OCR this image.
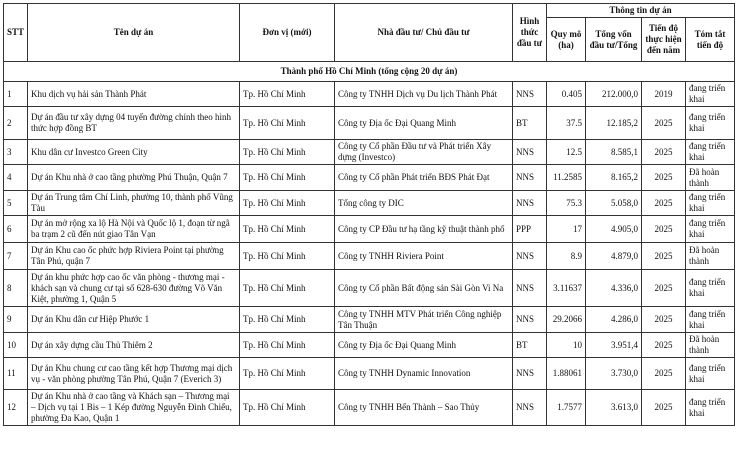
STT	Tên dự án	Đơn vị (mới)	Nhà đầu tư/ Chủ đầu tư	Hình thức đầu tư	Thông tin dự án			
					Quy mô (ha)	Tổng vốn đầu tư/Tổng	Tiến độ thực hiện đến năm	Tóm tắt tiến độ
Thành phố Hồ Chí Minh (tổng cộng 20 dự án)								
1	Khu dịch vụ hải sản Thành Phát	Tp. Hồ Chí Minh	Công ty TNHH Dịch vụ Du lịch Thành Phát	NNS	0.405	212.000,0	2019	đang triển khai
2	Dự án đầu tư xây dựng 04 tuyến đường chính theo hình thức hợp đồng BT	Tp. Hồ Chí Minh	Công ty Địa ốc Đại Quang Minh	BT	37.5	12.185,2	2025	đang triển khai
3	Khu dân cư Investco Green City	Tp. Hồ Chí Minh	Công ty Cổ phần Đầu tư và Phát triển Xây dựng (Investco)	NNS	12.5	8.585,1	2025	đang triển khai
4	Dự án Khu nhà ở cao tầng phường Phú Thuận, Quận 7	Tp. Hồ Chí Minh	Công ty Cổ phần Phát triển BĐS Phát Đạt	NNS	11.2585	8.165,2	2025	Đã hoàn thành
5	Dự án Trung tâm Chí Linh, phường 10, thành phố Vũng Tàu	Tp. Hồ Chí Minh	Tổng công ty DIC	NNS	75.3	5.058,0	2025	đang triển khai
6	Dự án mở rộng xa lộ Hà Nội và Quốc lộ 1, đoạn từ ngã ba trạm 2 cũ đến nút giao Tân Vạn	Tp. Hồ Chí Minh	Công ty CP Đầu tư hạ tầng kỹ thuật thành phố	PPP	17	4.905,0	2025	đang triển khai
7	Dự án Khu cao ốc phức hợp Riviera Point tại phường Tân Phú, quận 7	Tp. Hồ Chí Minh	Công ty TNHH Riviera Point	NNS	8.9	4.879,0	2025	Đã hoàn thành
8	Dự án khu phức hợp cao ốc văn phòng - thương mại - khách sạn và chung cư tại số 628-630 đường Võ Văn Kiệt, phường 1, Quận 5	Tp. Hồ Chí Minh	Công ty Cổ phần Bất động sản Sài Gòn Vi Na	NNS	3.11637	4.336,0	2025	đang triển khai
9	Dự án Khu dân cư Hiệp Phước 1	Tp. Hồ Chí Minh	Công ty TNHH MTV Phát triển Công nghiệp Tân Thuận	NNS	29.2066	4.286,0	2025	đang triển khai
10	Dự án xây dựng cầu Thủ Thiêm 2	Tp. Hồ Chí Minh	Công ty Địa ốc Đại Quang Minh	BT	10	3.951,4	2025	Đã hoàn thành
11	Dự án Khu chung cư cao tầng kết hợp Thương mại dịch vụ - văn phòng phường Tân Phú, Quận 7 (Everich 3)	Tp. Hồ Chí Minh	Công ty TNHH Dynamic Innovation	NNS	1.88061	3.730,0	2025	đang triển khai
12	Dự án Khu nhà ở cao tầng và Khách sạn – Thương mại – Dịch vụ tại 1 Bis – 1 Kép đường Nguyễn Đình Chiểu, phường Đa Kao, Quận 1	Tp. Hồ Chí Minh	Công ty TNHH Bến Thành – Sao Thủy	NNS	1.7577	3.613,0	2025	đang triển khai
